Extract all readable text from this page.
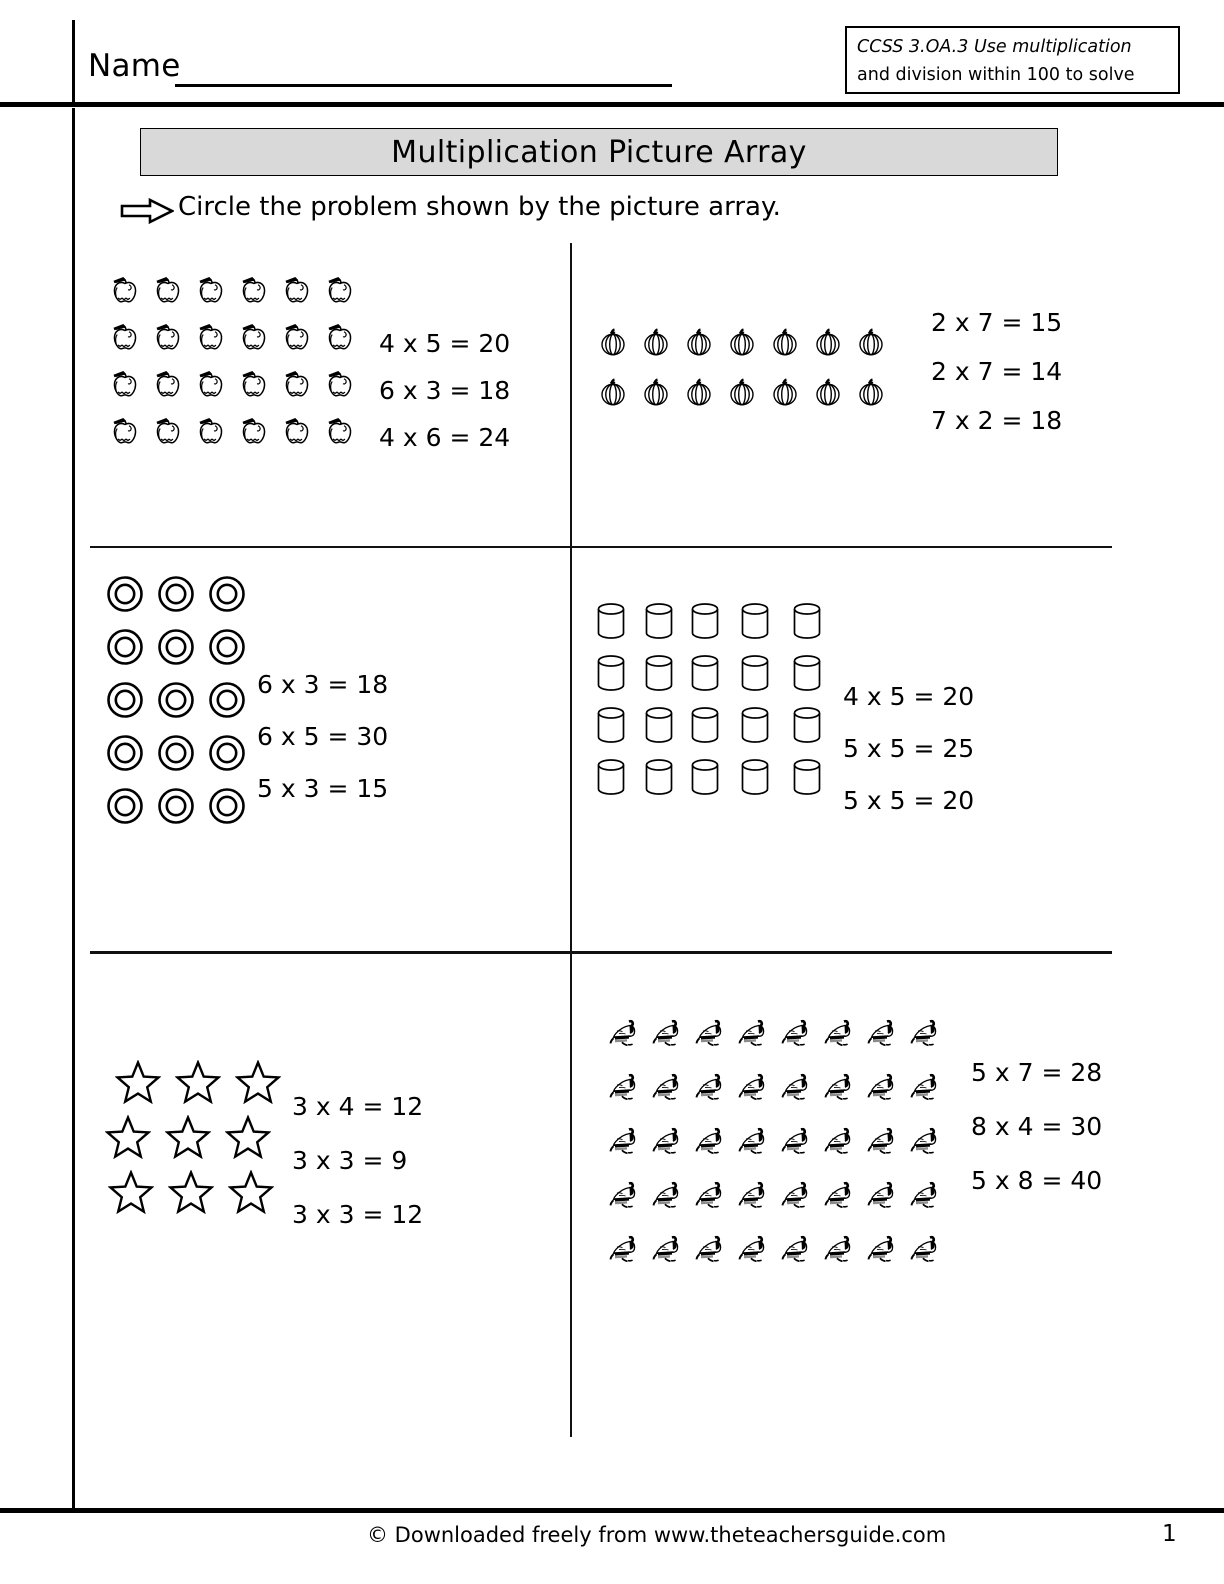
Name
CCSS 3.OA.3 Use multiplication
and division within 100 to solve
Multiplication Picture Array
Circle the problem shown by the picture array.
4 x 5 = 20
6 x 3 = 18
4 x 6 = 24
2 x 7 = 15
2 x 7 = 14
7 x 2 = 18
6 x 3 = 18
6 x 5 = 30
5 x 3 = 15
4 x 5 = 20
5 x 5 = 25
5 x 5 = 20
3 x 4 = 12
3 x 3 = 9
3 x 3 = 12
5 x 7 = 28
8 x 4 = 30
5 x 8 = 40
© Downloaded freely from www.theteachersguide.com	1
